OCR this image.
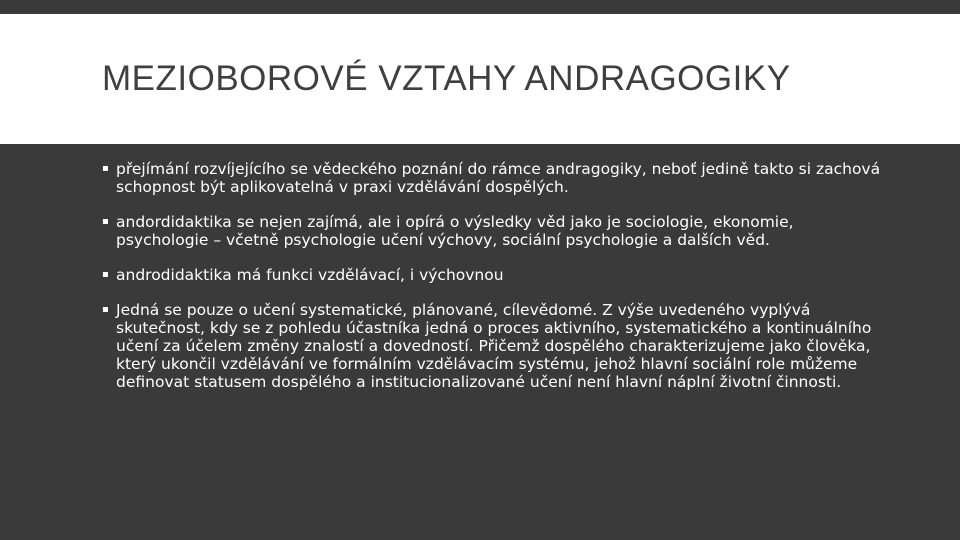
MEZIOBOROVÉ VZTAHY ANDRAGOGIKY
▪ přejímání rozvíjejícího se vědeckého poznání do rámce andragogiky, neboť jedině takto si zachová schopnost být aplikovatelná v praxi vzdělávání dospělých.
▪ andordidaktika se nejen zajímá, ale i opírá o výsledky věd jako je sociologie, ekonomie, psychologie – včetně psychologie učení výchovy, sociální psychologie a dalších věd.
▪ androdidaktika má funkci vzdělávací, i výchovnou
▪ Jedná se pouze o učení systematické, plánované, cílevědomé. Z výše uvedeného vyplývá skutečnost, kdy se z pohledu účastníka jedná o proces aktivního, systematického a kontinuálního učení za účelem změny znalostí a dovedností. Přičemž dospělého charakterizujeme jako člověka, který ukončil vzdělávání ve formálním vzdělávacím systému, jehož hlavní sociální role můžeme definovat statusem dospělého a institucionalizované učení není hlavní náplní životní činnosti.
